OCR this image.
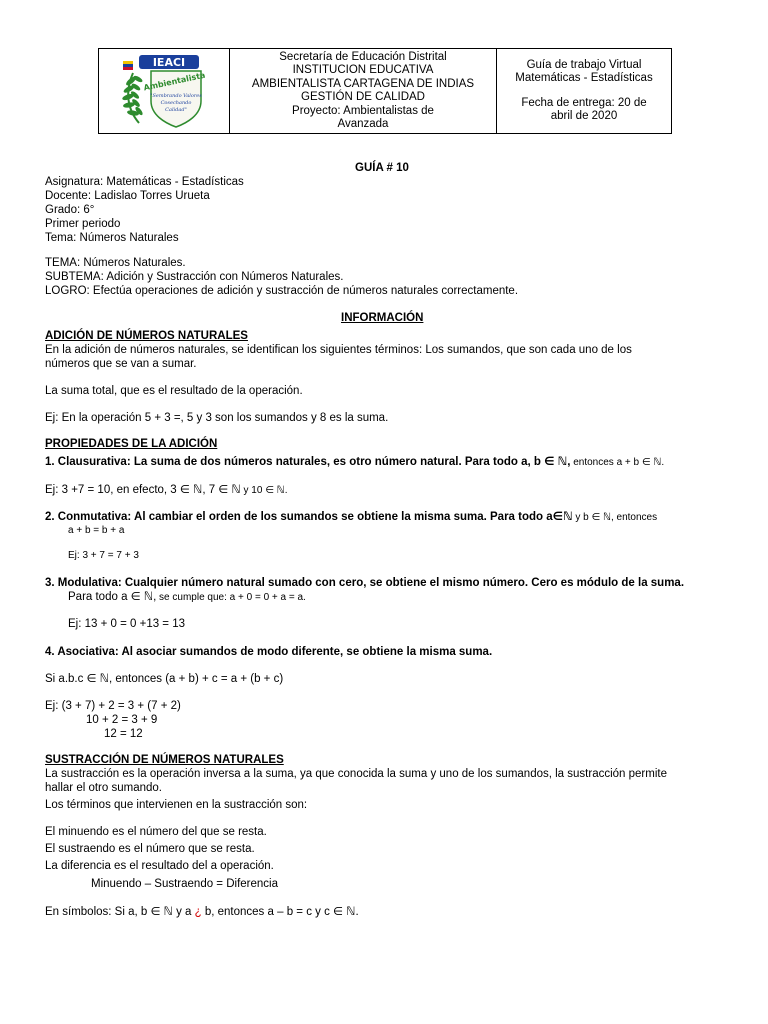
IEACI
Ambientalista
"Sembrando Valores
Cosechando
Calidad"
Secretaría de Educación Distrital
INSTITUCION EDUCATIVA
AMBIENTALISTA CARTAGENA DE INDIAS
GESTIÓN DE CALIDAD
Proyecto: Ambientalistas de
Avanzada
Guía de trabajo Virtual
Matemáticas - Estadísticas
Fecha de entrega: 20 de
abril de 2020
GUÍA # 10
Asignatura: Matemáticas - Estadísticas
Docente: Ladislao Torres Urueta
Grado: 6°
Primer periodo
Tema: Números Naturales
TEMA: Números Naturales.
SUBTEMA: Adición y Sustracción con Números Naturales.
LOGRO: Efectúa operaciones de adición y sustracción de números naturales correctamente.
INFORMACIÓN
ADICIÓN DE NÚMEROS NATURALES
En la adición de números naturales, se identifican los siguientes términos: Los sumandos, que son cada uno de los
números que se van a sumar.
La suma total, que es el resultado de la operación.
Ej: En la operación 5 + 3 =, 5 y 3 son los sumandos y 8 es la suma.
PROPIEDADES DE LA ADICIÓN
1. Clausurativa: La suma de dos números naturales, es otro número natural. Para todo a, b ∈ ℕ, entonces a + b ∈ ℕ.
Ej: 3 +7 = 10, en efecto, 3 ∈ ℕ, 7 ∈ ℕ y 10 ∈ ℕ.
2. Conmutativa: Al cambiar el orden de los sumandos se obtiene la misma suma. Para todo a∈ℕ y b ∈ ℕ, entonces
a + b = b + a
Ej: 3 + 7 = 7 + 3
3. Modulativa: Cualquier número natural sumado con cero, se obtiene el mismo número. Cero es módulo de la suma.
Para todo a ∈ ℕ, se cumple que: a + 0 = 0 + a = a.
Ej: 13 + 0 = 0 +13 = 13
4. Asociativa: Al asociar sumandos de modo diferente, se obtiene la misma suma.
Si a.b.c ∈ ℕ, entonces (a + b) + c = a + (b + c)
Ej: (3 + 7) + 2 = 3 + (7 + 2)
10 + 2 = 3 + 9
12 = 12
SUSTRACCIÓN DE NÚMEROS NATURALES
La sustracción es la operación inversa a la suma, ya que conocida la suma y uno de los sumandos, la sustracción permite
hallar el otro sumando.
Los términos que intervienen en la sustracción son:
El minuendo es el número del que se resta.
El sustraendo es el número que se resta.
La diferencia es el resultado del a operación.
Minuendo – Sustraendo = Diferencia
En símbolos: Si a, b ∈ ℕ y a ¿ b, entonces a – b = c y c ∈ ℕ.
